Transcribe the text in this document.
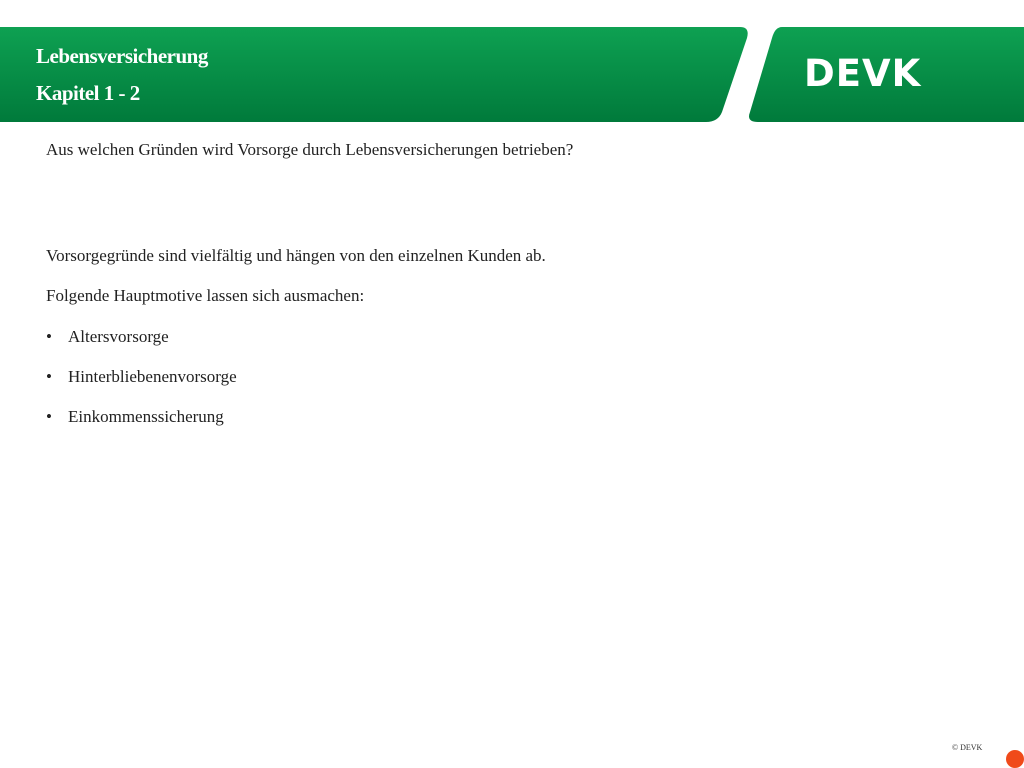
Lebensversicherung
Kapitel 1 - 2	DEVK
Aus welchen Gründen wird Vorsorge durch Lebensversicherungen betrieben?
Vorsorgegründe sind vielfältig und hängen von den einzelnen Kunden ab.
Folgende Hauptmotive lassen sich ausmachen:
• Altersvorsorge
• Hinterbliebenenvorsorge
• Einkommenssicherung
© DEVK
